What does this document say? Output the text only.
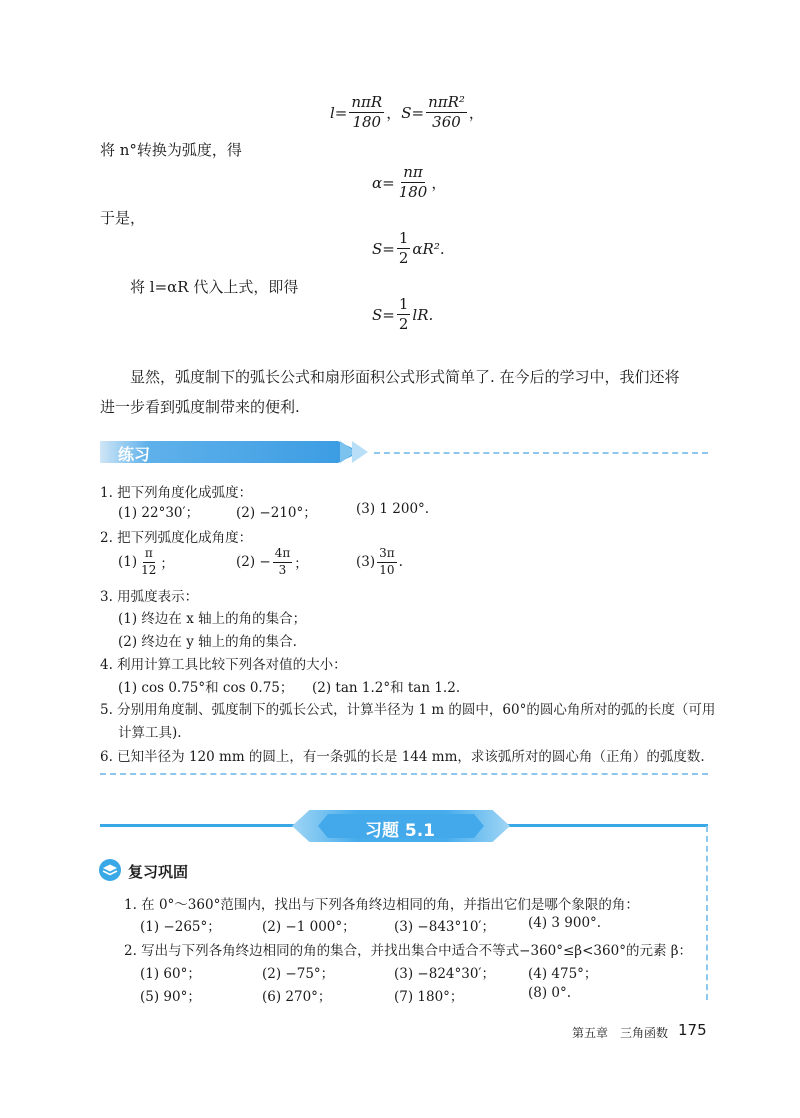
$l= \frac{\text{nπR}}{180}$ ， $S= \frac{\text{nπR²}}{360}$ ，
将 n°转换为弧度，得
$\alpha= \frac{n\pi}{180}$ ，
于是，
$S= \frac{1}{2} \alpha R^2$.
将 l=αR 代入上式，即得
$S= \frac{1}{2}$ lR.
显然，弧度制下的弧长公式和扇形面积公式形式简单了. 在今后的学习中，我们还将
进一步看到弧度制带来的便利.
练习
1. 把下列角度化成弧度：
(1) 22°30′；	(2) −210°；	(3) 1 200°.
2. 把下列弧度化成角度：
$(1) \frac{\pi}{12}$ ；	$(2) - \frac{4\pi}{3}$ ；	$(3) \frac{3\pi}{10}$ .
3. 用弧度表示：
(1) 终边在 x 轴上的角的集合；
(2) 终边在 y 轴上的角的集合.
4. 利用计算工具比较下列各对值的大小：
(1) cos 0.75°和 cos 0.75； (2) tan 1.2°和 tan 1.2.
5. 分别用角度制、弧度制下的弧长公式，计算半径为 1 m 的圆中，60°的圆心角所对的弧的长度（可用
计算工具).
6. 已知半径为 120 mm 的圆上，有一条弧的长是 144 mm，求该弧所对的圆心角（正角）的弧度数.
习题 5.1
复习巩固
1. 在 0°～360°范围内，找出与下列各角终边相同的角，并指出它们是哪个象限的角：
(1) −265°；	(2) −1 000°；	(3) −843°10′； (4) 3 900°.
2. 写出与下列各角终边相同的角的集合，并找出集合中适合不等式−360°≤β<360°的元素 β：
(1) 60°；	(2) −75°；	(3) −824°30′； (4) 475°；
(5) 90°；	(6) 270°；	(7) 180°；	(8) 0°.
第五章　三角函数 175
